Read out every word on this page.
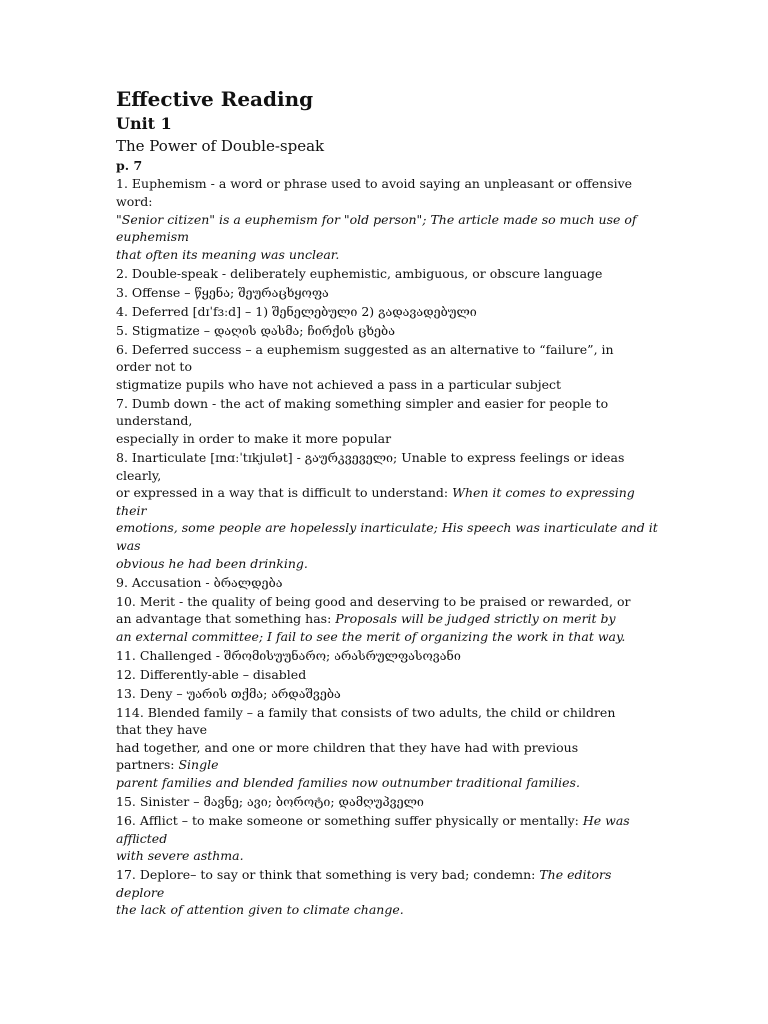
Effective Reading
Unit 1
The Power of Double-speak
p. 7
1. Euphemism - a word or phrase used to avoid saying an unpleasant or offensive
word:
"Senior citizen" is a euphemism for "old person"; The article made so much use of
euphemism
that often its meaning was unclear.
2. Double-speak - deliberately euphemistic, ambiguous, or obscure language
3. Offense – წყენა; შეურაცხყოფა
4. Deferred [dɪˈfɜːd] – 1) შენელებული 2) გადავადებული
5. Stigmatize – დაღის დასმა; ჩირქის ცხება
6. Deferred success – a euphemism suggested as an alternative to “failure”, in
order not to
stigmatize pupils who have not achieved a pass in a particular subject
7. Dumb down - the act of making something simpler and easier for people to
understand,
especially in order to make it more popular
8. Inarticulate [ɪnɑːˈtɪkjulət] - გაურკვეველი; Unable to express feelings or ideas
clearly,
or expressed in a way that is difficult to understand: When it comes to expressing
their
emotions, some people are hopelessly inarticulate; His speech was inarticulate and it
was
obvious he had been drinking.
9. Accusation - ბრალდება
10. Merit - the quality of being good and deserving to be praised or rewarded, or
an advantage that something has: Proposals will be judged strictly on merit by
an external committee; I fail to see the merit of organizing the work in that way.
11. Challenged - შრომისუუნარო; არასრულფასოვანი
12. Differently-able – disabled
13. Deny – უარის თქმა; არდაშვება
114. Blended family – a family that consists of two adults, the child or children
that they have
had together, and one or more children that they have had with previous
partners: Single
parent families and blended families now outnumber traditional families.
15. Sinister – მავნე; ავი; ბოროტი; დამღუპველი
16. Afflict – to make someone or something suffer physically or mentally: He was
afflicted
with severe asthma.
17. Deplore– to say or think that something is very bad; condemn: The editors
deplore
the lack of attention given to climate change.
